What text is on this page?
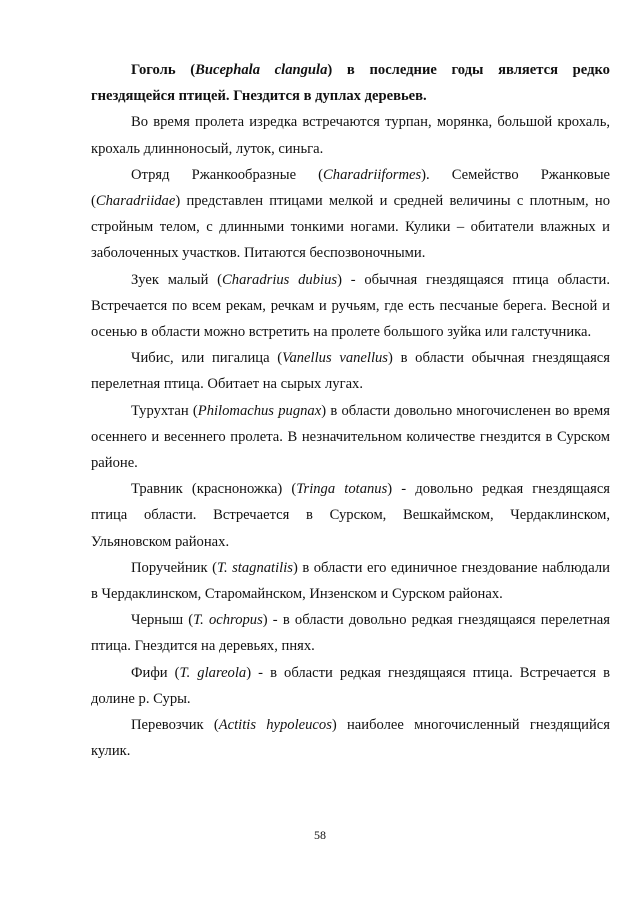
Гоголь (Bucephala clangula) в последние годы является редко гнездящейся птицей. Гнездится в дуплах деревьев.

Во время пролета изредка встречаются турпан, морянка, большой крохаль, крохаль длинноносый, луток, синьга.

Отряд Ржанкообразные (Charadriiformes). Семейство Ржанковые (Charadriidae) представлен птицами мелкой и средней величины с плотным, но стройным телом, с длинными тонкими ногами. Кулики – обитатели влажных и заболоченных участков. Питаются беспозвоночными.

Зуек малый (Charadrius dubius) - обычная гнездящаяся птица области. Встречается по всем рекам, речкам и ручьям, где есть песчаные берега. Весной и осенью в области можно встретить на пролете большого зуйка или галстучника.

Чибис, или пигалица (Vanellus vanellus) в области обычная гнездящаяся перелетная птица. Обитает на сырых лугах.

Турухтан (Philomachus pugnax) в области довольно многочисленен во время осеннего и весеннего пролета. В незначительном количестве гнездится в Сурском районе.

Травник (красноножка) (Tringa totanus) - довольно редкая гнездящаяся птица области. Встречается в Сурском, Вешкаймском, Чердаклинском, Ульяновском районах.

Поручейник (T. stagnatilis) в области его единичное гнездование наблюдали в Чердаклинском, Старомайнском, Инзенском и Сурском районах.

Черныш (T. ochropus) - в области довольно редкая гнездящаяся перелетная птица. Гнездится на деревьях, пнях.

Фифи (T. glareola) - в области редкая гнездящаяся птица. Встречается в долине р. Суры.

Перевозчик (Actitis hypoleucos) наиболее многочисленный гнездящийся кулик.

58
